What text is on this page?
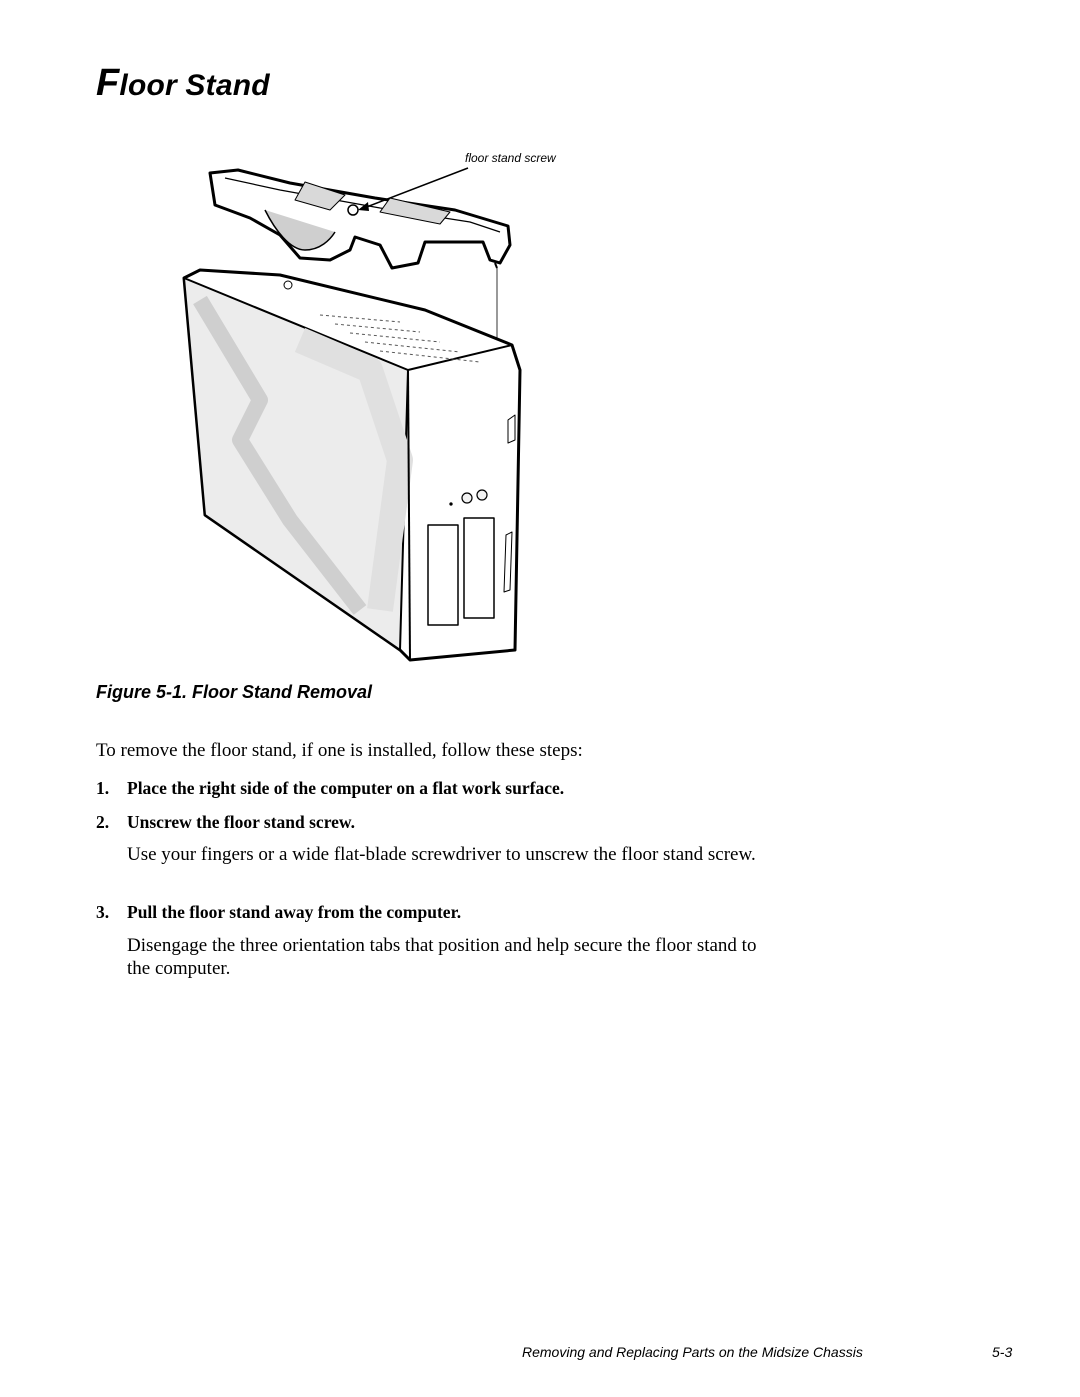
Floor Stand
floor stand screw
Figure 5-1. Floor Stand Removal
To remove the floor stand, if one is installed, follow these steps:
1. Place the right side of the computer on a flat work surface.
2. Unscrew the floor stand screw.
Use your fingers or a wide flat-blade screwdriver to unscrew the floor stand screw.
3. Pull the floor stand away from the computer.
Disengage the three orientation tabs that position and help secure the floor stand to the computer.
Removing and Replacing Parts on the Midsize Chassis	5-3
